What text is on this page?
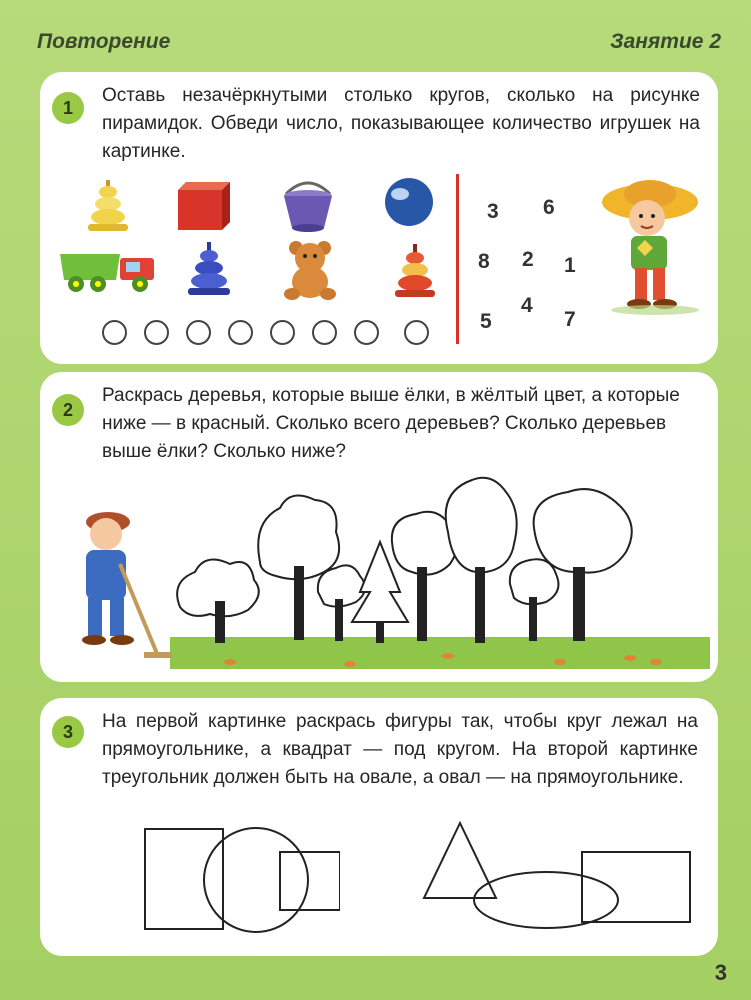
Повторение	Занятие 2
1
Оставь незачёркнутыми столько кругов, сколько на рисунке пирамидок. Обведи число, показывающее количество игрушек на картинке.
3 6
8 2 1
5
4
7
2
Раскрась деревья, которые выше ёлки, в жёлтый цвет, а которые ниже — в красный. Сколько всего деревьев? Сколько деревьев выше ёлки? Сколько ниже?
3	На первой картинке раскрась фигуры так, чтобы круг лежал на прямоугольнике, а квадрат — под кругом. На второй картинке треугольник должен быть на овале, а овал — на прямоугольнике.
3
